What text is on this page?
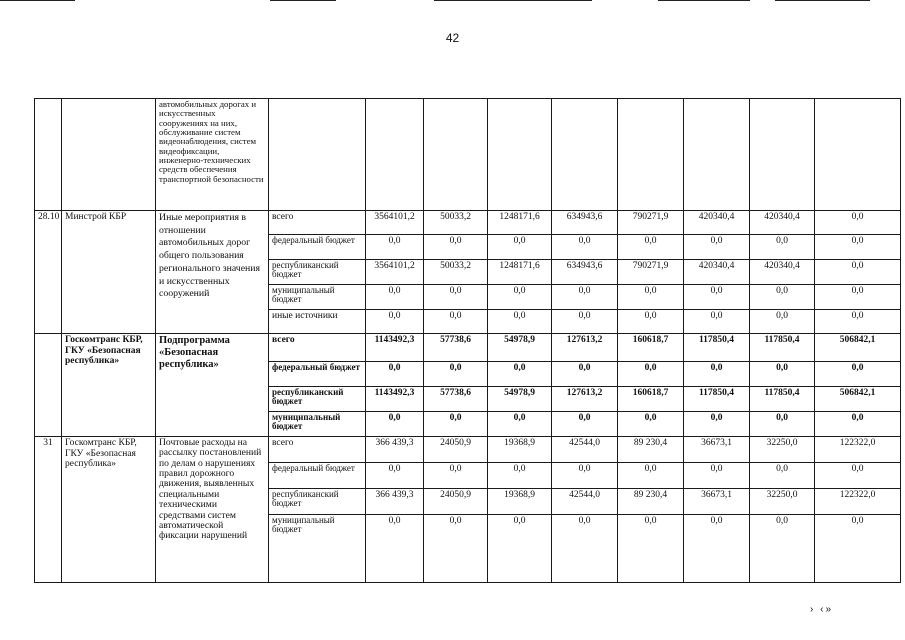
42
		автомобильных дорогах и искусственных сооружениях на них, обслуживание систем видеонаблюдения, систем видеофиксации, инженерно-технических средств обеспечения транспортной безопасности									
28.10	Минстрой КБР	Иные мероприятия в отношении автомобильных дорог общего пользования регионального значения и искусственных сооружений	всего	3564101,2	50033,2	1248171,6	634943,6	790271,9	420340,4	420340,4	0,0
			федеральный бюджет	0,0	0,0	0,0	0,0	0,0	0,0	0,0	0,0
			республиканский бюджет	3564101,2	50033,2	1248171,6	634943,6	790271,9	420340,4	420340,4	0,0
			муниципальный бюджет	0,0	0,0	0,0	0,0	0,0	0,0	0,0	0,0
			иные источники	0,0	0,0	0,0	0,0	0,0	0,0	0,0	0,0
	Госкомтранс КБР, ГКУ «Безопасная республика»	Подпрограмма «Безопасная республика»	всего	1143492,3	57738,6	54978,9	127613,2	160618,7	117850,4	117850,4	506842,1
			федеральный бюджет	0,0	0,0	0,0	0,0	0,0	0,0	0,0	0,0
			республиканский бюджет	1143492,3	57738,6	54978,9	127613,2	160618,7	117850,4	117850,4	506842,1
			муниципальный бюджет	0,0	0,0	0,0	0,0	0,0	0,0	0,0	0,0
31	Госкомтранс КБР, ГКУ «Безопасная республика»	Почтовые расходы на рассылку постановлений по делам о нарушениях правил дорожного движения, выявленных специальными техническими средствами систем автоматической фиксации нарушений	всего	366 439,3	24050,9	19368,9	42544,0	89 230,4	36673,1	32250,0	122322,0
			федеральный бюджет	0,0	0,0	0,0	0,0	0,0	0,0	0,0	0,0
			республиканский бюджет	366 439,3	24050,9	19368,9	42544,0	89 230,4	36673,1	32250,0	122322,0
			муниципальный бюджет	0,0	0,0	0,0	0,0	0,0	0,0	0,0	0,0
› ‹»
